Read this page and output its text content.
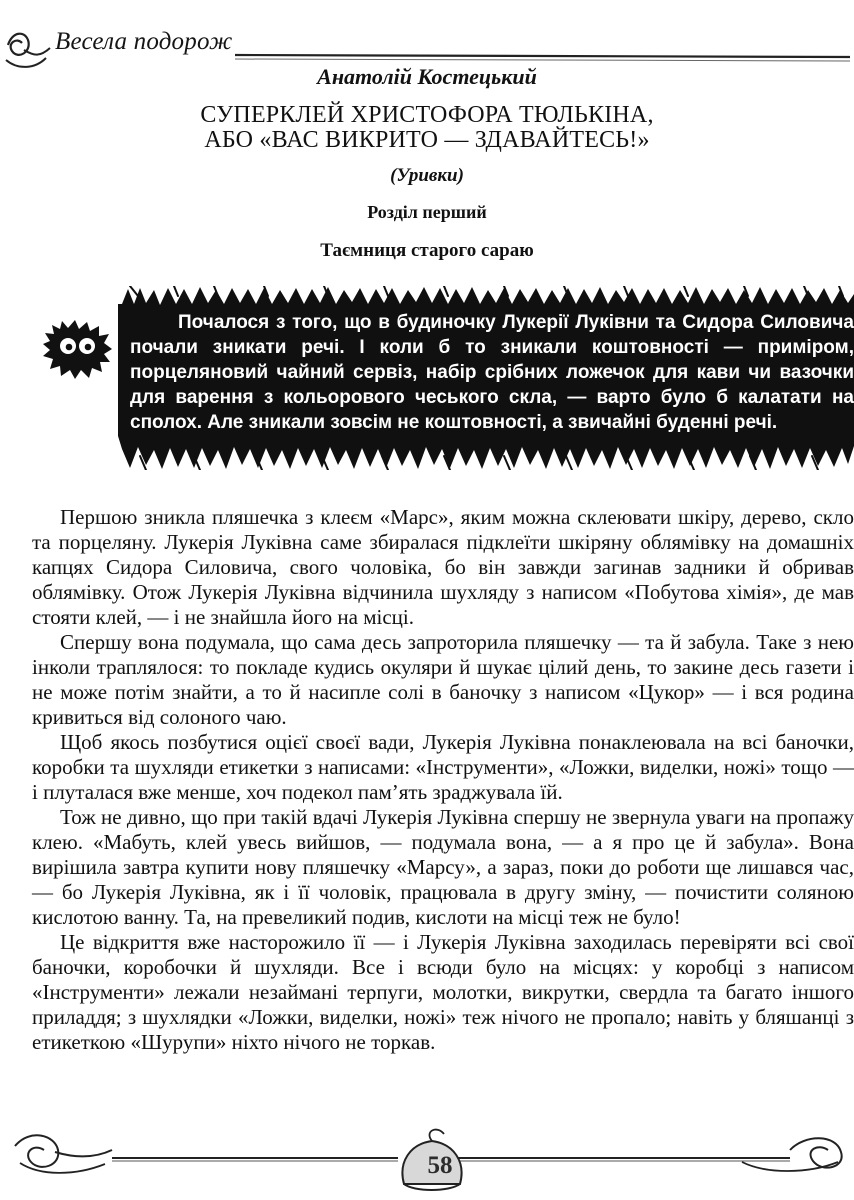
Весела подорож
Анатолій Костецький
СУПЕРКЛЕЙ ХРИСТОФОРА ТЮЛЬКІНА,
АБО «ВАС ВИКРИТО — ЗДАВАЙТЕСЬ!»
(Уривки)
Розділ перший
Таємниця старого сараю
Почалося з того, що в будиночку Лукерії Луківни та Сидора Силовича почали зникати речі. І коли б то зникали коштовності — приміром, порцеляновий чайний сервіз, набір срібних ложечок для кави чи вазочки для варення з кольорового чеського скла, — варто було б калатати на сполох. Але зникали зовсім не коштовності, а звичайні буденні речі.

Першою зникла пляшечка з клеєм «Марс», яким можна склеювати шкіру, дерево, скло та порцеляну. Лукерія Луківна саме збиралася підклеїти шкіряну облямівку на домашніх капцях Сидора Силовича, свого чоловіка, бо він завжди загинав задники й обривав облямівку. Отож Лукерія Луківна відчинила шухляду з написом «Побутова хімія», де мав стояти клей, — і не знайшла його на місці.

Спершу вона подумала, що сама десь запроторила пляшечку — та й забула. Таке з нею інколи траплялося: то покладе кудись окуляри й шукає цілий день, то закине десь газети і не може потім знайти, а то й насипле солі в баночку з написом «Цукор» — і вся родина кривиться від солоного чаю.

Щоб якось позбутися оцієї своєї вади, Лукерія Луківна понаклеювала на всі баночки, коробки та шухляди етикетки з написами: «Інструменти», «Ложки, виделки, ножі» тощо — і плуталася вже менше, хоч подекол пам’ять зраджувала їй.

Тож не дивно, що при такій вдачі Лукерія Луківна спершу не звернула уваги на пропажу клею. «Мабуть, клей увесь вийшов, — подумала вона, — а я про це й забула». Вона вирішила завтра купити нову пляшечку «Марсу», а зараз, поки до роботи ще лишався час, — бо Лукерія Луківна, як і її чоловік, працювала в другу зміну, — почистити соляною кислотою ванну. Та, на превеликий подив, кислоти на місці теж не було!

Це відкриття вже насторожило її — і Лукерія Луківна заходилась перевіряти всі свої баночки, коробочки й шухляди. Все і всюди було на місцях: у коробці з написом «Інструменти» лежали незаймані терпуги, молотки, викрутки, свердла та багато іншого приладдя; з шухлядки «Ложки, виделки, ножі» теж нічого не пропало; навіть у бляшанці з етикеткою «Шурупи» ніхто нічого не торкав.

58
